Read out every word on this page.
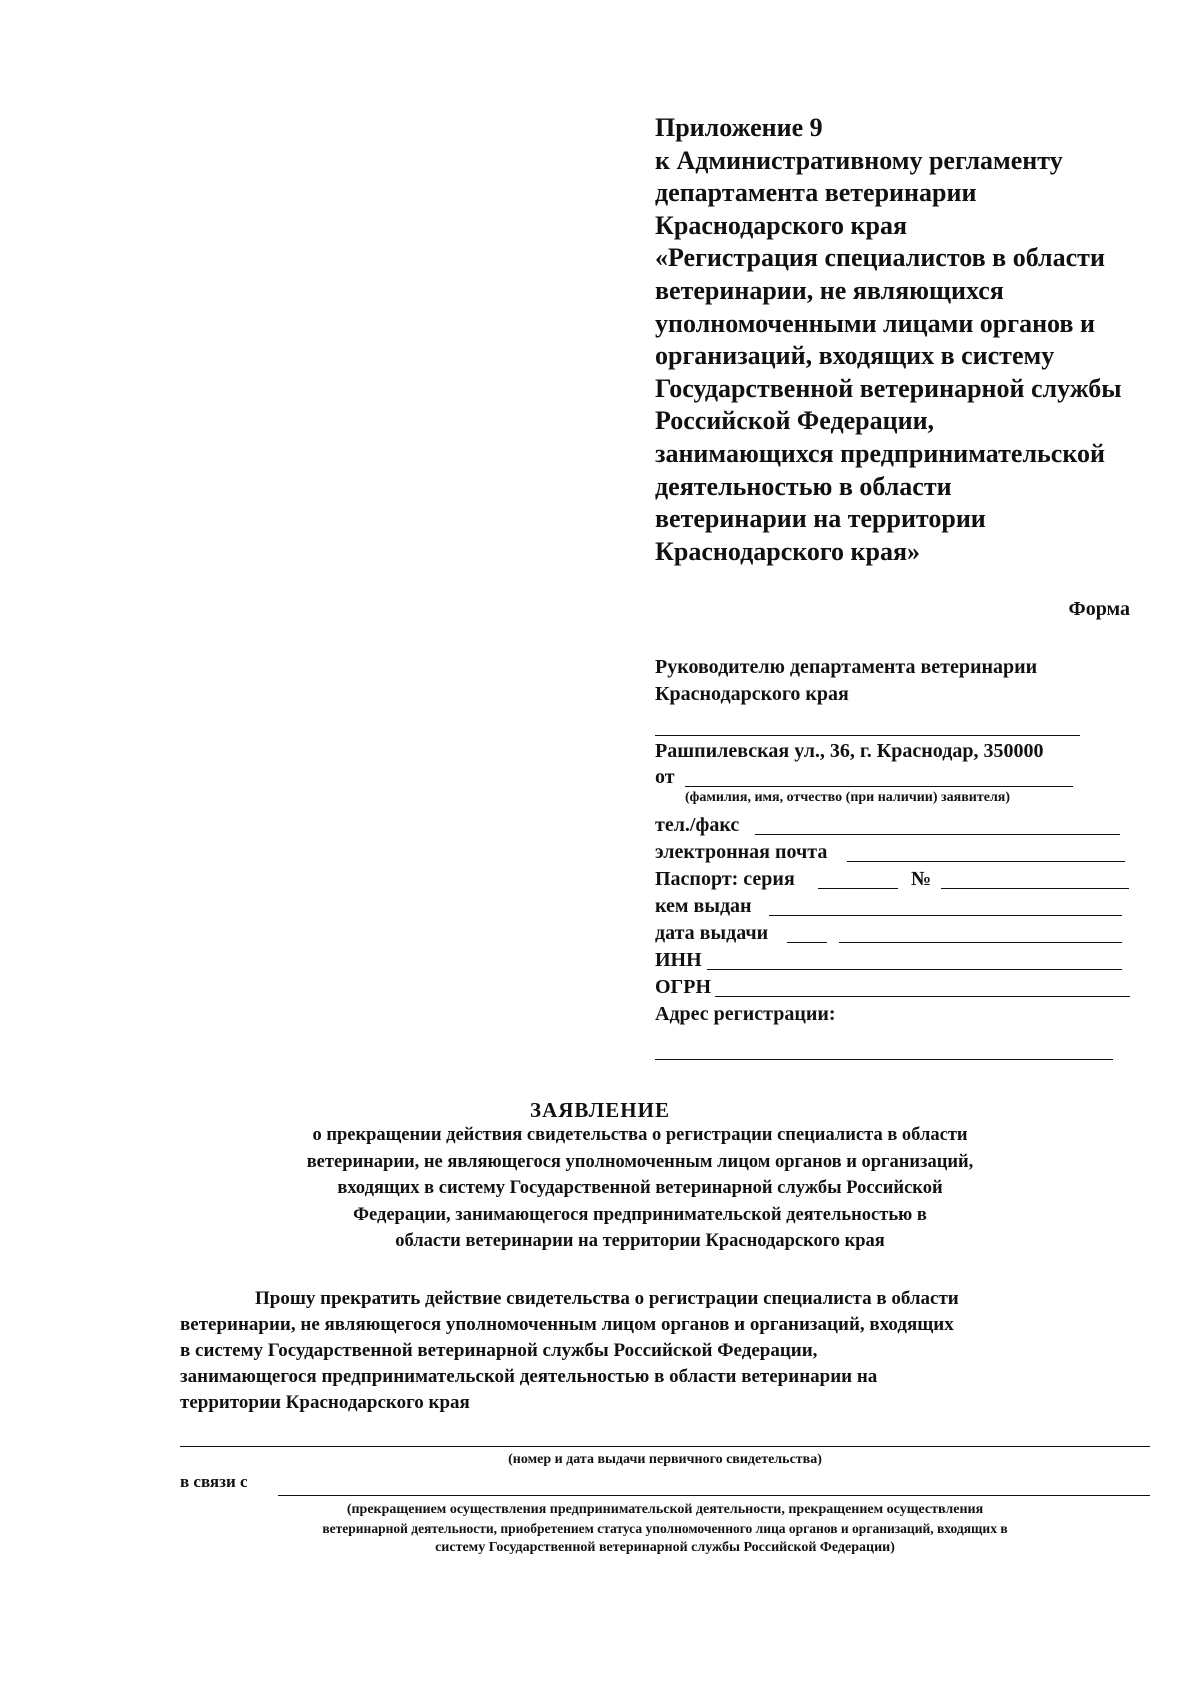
Приложение 9
к Административному регламенту
департамента ветеринарии
Краснодарского края
«Регистрация специалистов в области
ветеринарии, не являющихся
уполномоченными лицами органов и
организаций, входящих в систему
Государственной ветеринарной службы
Российской Федерации,
занимающихся предпринимательской
деятельностью в области
ветеринарии на территории
Краснодарского края»
Форма
Руководителю департамента ветеринарии
Краснодарского края
Рашпилевская ул., 36, г. Краснодар, 350000
от
(фамилия, имя, отчество (при наличии) заявителя)
тел./факс
электронная почта
Паспорт: серия	№
кем выдан
дата выдачи
ИНН
ОГРН
Адрес регистрации:
ЗАЯВЛЕНИЕ
о прекращении действия свидетельства о регистрации специалиста в области
ветеринарии, не являющегося уполномоченным лицом органов и организаций,
входящих в систему Государственной ветеринарной службы Российской
Федерации, занимающегося предпринимательской деятельностью в
области ветеринарии на территории Краснодарского края
Прошу прекратить действие свидетельства о регистрации специалиста в области
ветеринарии, не являющегося уполномоченным лицом органов и организаций, входящих
в систему Государственной ветеринарной службы Российской Федерации,
занимающегося предпринимательской деятельностью в области ветеринарии на
территории Краснодарского края
(номер и дата выдачи первичного свидетельства)
в связи с
(прекращением осуществления предпринимательской деятельности, прекращением осуществления
ветеринарной деятельности, приобретением статуса уполномоченного лица органов и организаций, входящих в
систему Государственной ветеринарной службы Российской Федерации)
